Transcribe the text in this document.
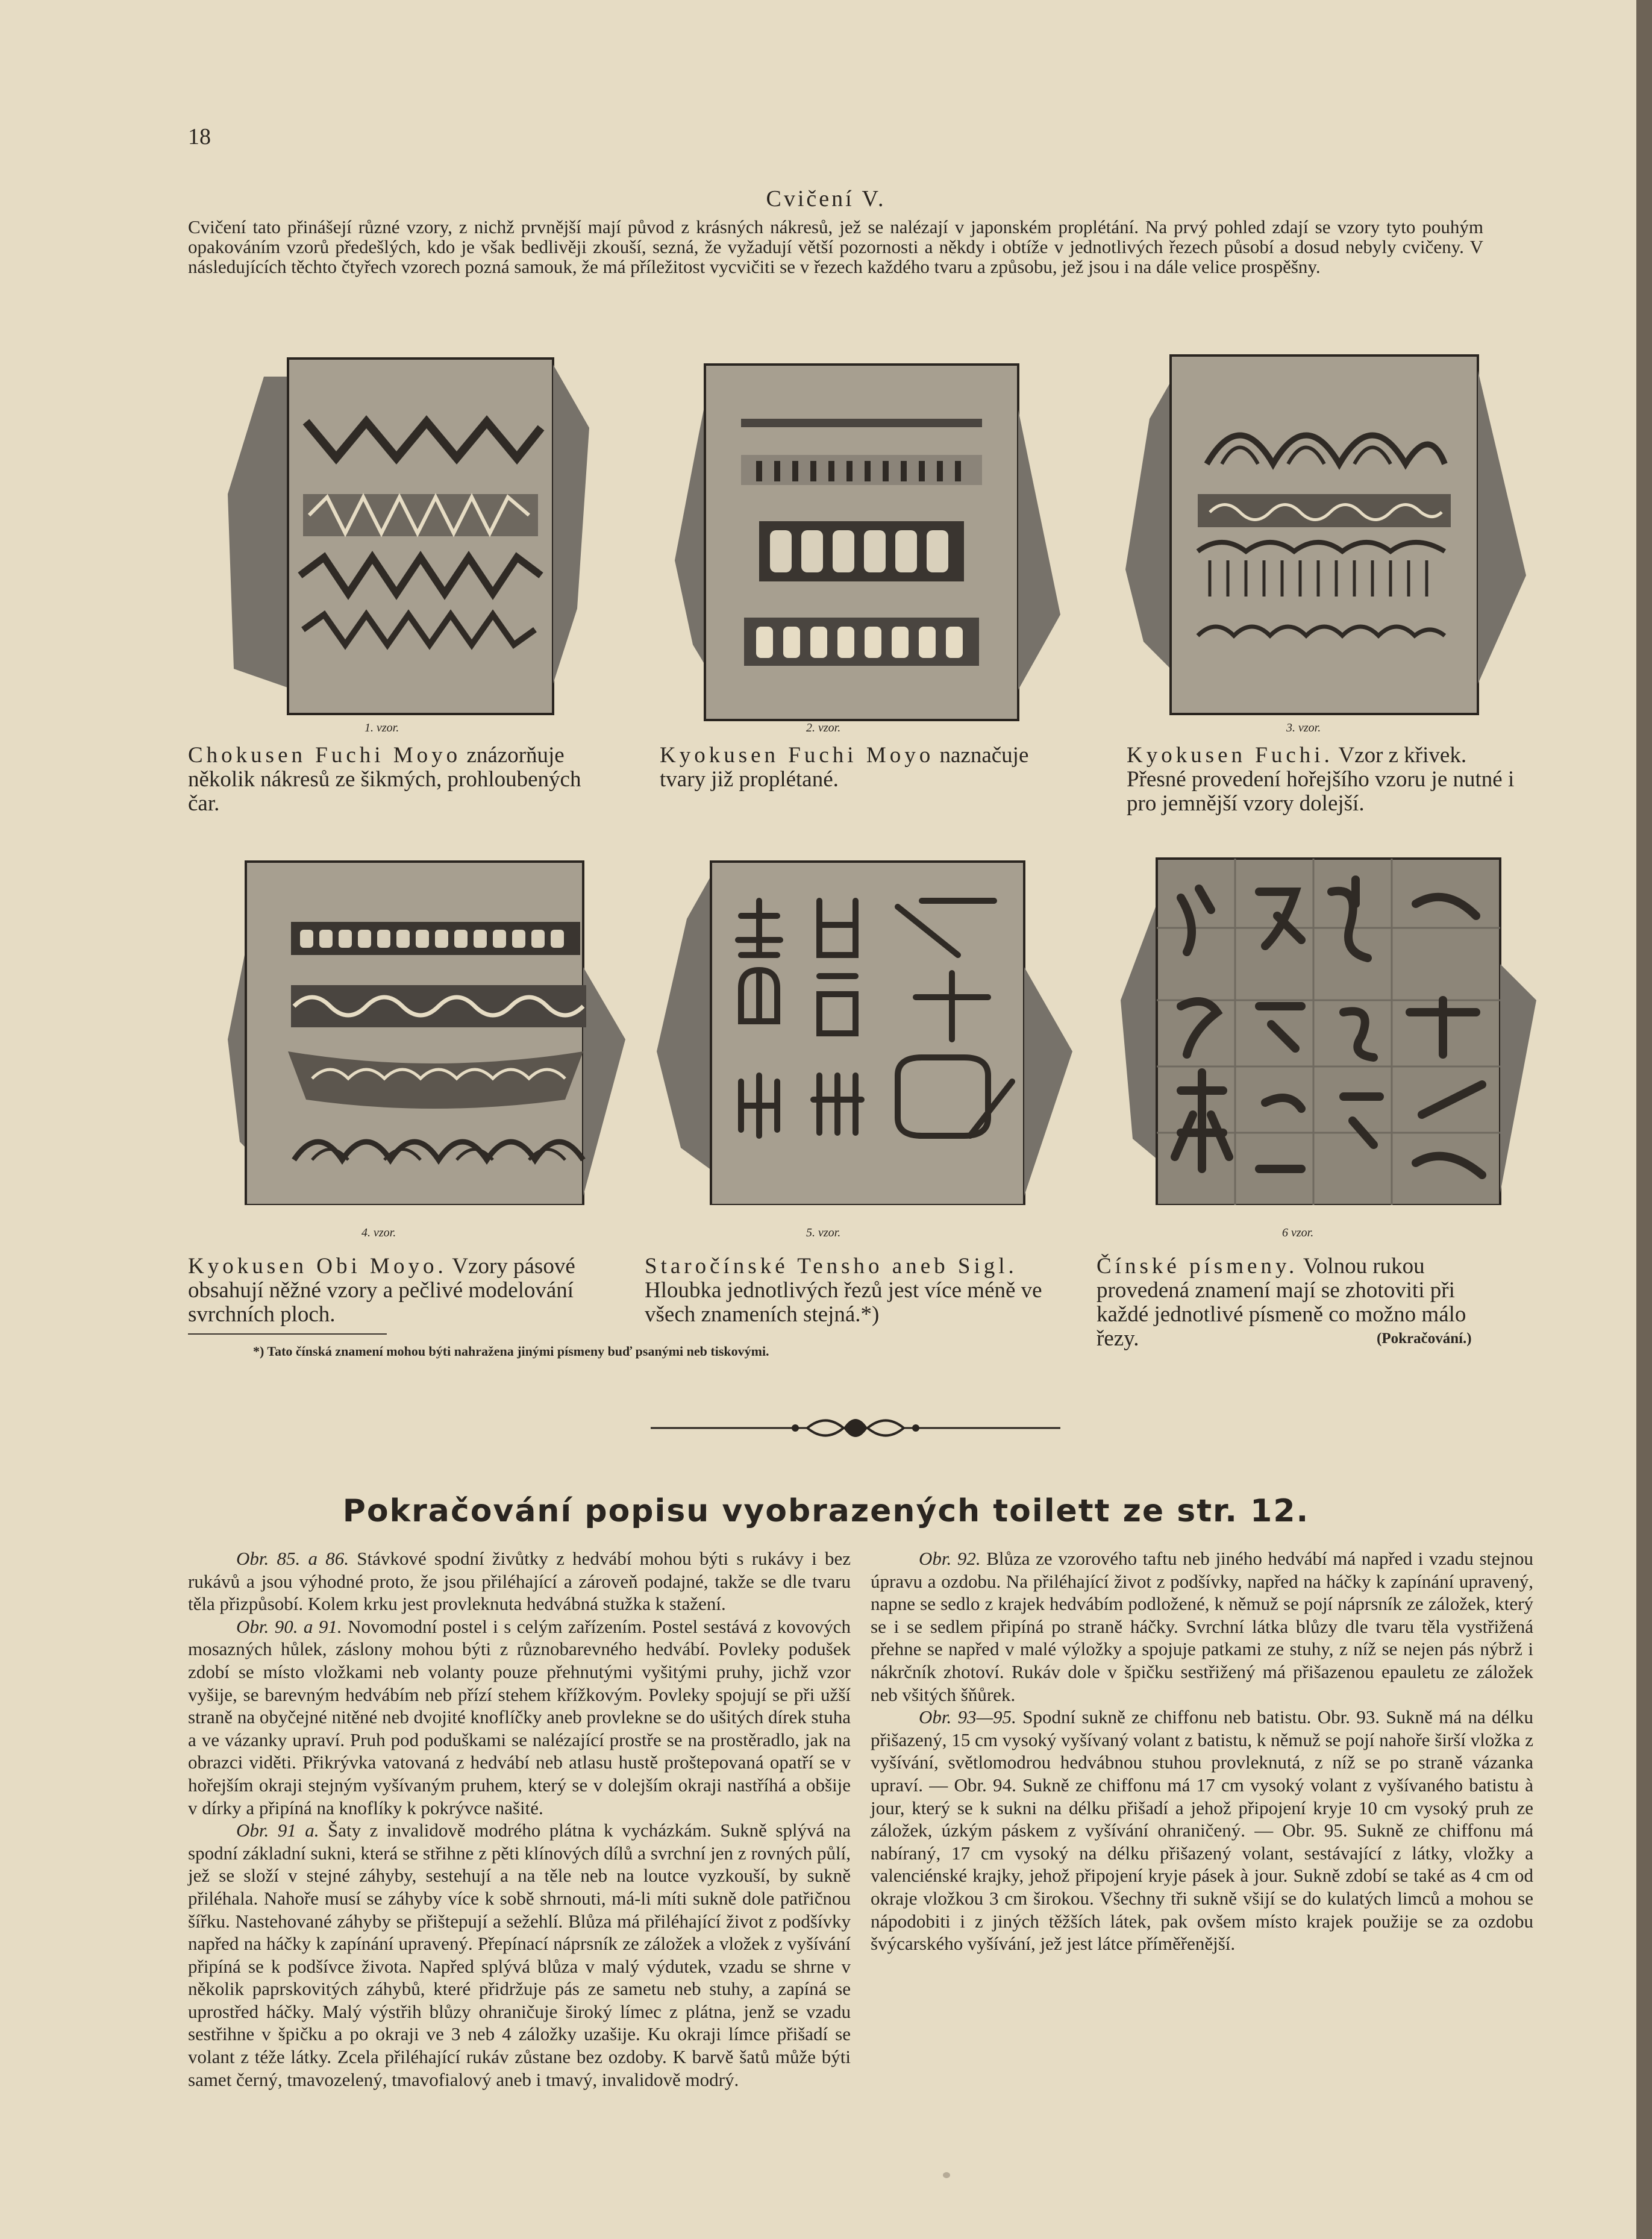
18
Cvičení V.
Cvičení tato přinášejí různé vzory, z nichž prvnější mají původ z krásných nákresů, jež se nalézají v japonském proplétání. Na prvý pohled zdají se vzory tyto pouhým opakováním vzorů předešlých, kdo je však bedlivěji zkouší, sezná, že vyžadují větší pozornosti a někdy i obtíže v jednotlivých řezech působí a dosud nebyly cvičeny. V následujících těchto čtyřech vzorech pozná samouk, že má příležitost vycvičiti se v řezech každého tvaru a způsobu, jež jsou i na dále velice prospěšny.
1. vzor.
Chokusen Fuchi Moyo znázorňuje několik nákresů ze šikmých, prohloubených čar.
2. vzor.
Kyokusen Fuchi Moyo naznačuje tvary již proplétané.
3. vzor.
Kyokusen Fuchi. Vzor z křivek. Přesné provedení hořejšího vzoru je nutné i pro jemnější vzory dolejší.
4. vzor.
Kyokusen Obi Moyo. Vzory pásové obsahují něžné vzory a pečlivé modelování svrchních ploch.
5. vzor.
Staročínské Tensho aneb Sigl. Hloubka jednotlivých řezů jest více méně ve všech znameních stejná.*)
6 vzor.
Čínské písmeny. Volnou rukou provedená znamení mají se zhotoviti při každé jednotlivé písmeně co možno málo řezy.	(Pokračování.)
*) Tato čínská znamení mohou býti nahražena jinými písmeny buď psanými neb tiskovými.
Pokračování popisu vyobrazených toilett ze str. 12.

Obr. 85. a 86. Stávkové spodní živůtky z hedvábí mohou býti s rukávy i bez rukávů a jsou výhodné proto, že jsou přiléhající a zároveň podajné, takže se dle tvaru těla přizpůsobí. Kolem krku jest provleknuta hedvábná stužka k stažení.

Obr. 90. a 91. Novomodní postel i s celým zařízením. Postel sestává z kovových mosazných hůlek, záslony mohou býti z různobarevného hedvábí. Povleky podušek zdobí se místo vložkami neb volanty pouze přehnutými vyšitými pruhy, jichž vzor vyšije, se barevným hedvábím neb přízí stehem křížkovým. Povleky spojují se při užší straně na obyčejné nitěné neb dvojité knoflíčky aneb provlekne se do ušitých dírek stuha a ve vázanky upraví. Pruh pod poduškami se nalézající prostře se na prostěradlo, jak na obrazci viděti. Přikrývka vatovaná z hedvábí neb atlasu hustě proštepovaná opatří se v hořejším okraji stejným vyšívaným pruhem, který se v dolejším okraji nastříhá a obšije v dírky a připíná na knoflíky k pokrývce našité.

Obr. 91 a. Šaty z invalidově modrého plátna k vycházkám. Sukně splývá na spodní základní sukni, která se střihne z pěti klínových dílů a svrchní jen z rovných půlí, jež se složí v stejné záhyby, sestehují a na těle neb na loutce vyzkouší, by sukně přiléhala. Nahoře musí se záhyby více k sobě shrnouti, má-li míti sukně dole patřičnou šířku. Nastehované záhyby se přištepují a sežehlí. Blůza má přiléhající život z podšívky napřed na háčky k zapínání upravený. Přepínací náprsník ze záložek a vložek z vyšívání připíná se k podšívce života. Napřed splývá blůza v malý výdutek, vzadu se shrne v několik paprskovitých záhybů, které přidržuje pás ze sametu neb stuhy, a zapíná se uprostřed háčky. Malý výstřih blůzy ohraničuje široký límec z plátna, jenž se vzadu sestřihne v špičku a po okraji ve 3 neb 4 záložky uzašije. Ku okraji límce přišadí se volant z téže látky. Zcela přiléhající rukáv zůstane bez ozdoby. K barvě šatů může býti samet černý, tmavozelený, tmavofialový aneb i tmavý, invalidově modrý.

Obr. 92. Blůza ze vzorového taftu neb jiného hedvábí má napřed i vzadu stejnou úpravu a ozdobu. Na přiléhající život z podšívky, napřed na háčky k zapínání upravený, napne se sedlo z krajek hedvábím podložené, k němuž se pojí náprsník ze záložek, který se i se sedlem připíná po straně háčky. Svrchní látka blůzy dle tvaru těla vystřižená přehne se napřed v malé výložky a spojuje patkami ze stuhy, z níž se nejen pás nýbrž i nákrčník zhotoví. Rukáv dole v špičku sestřižený má přišazenou epauletu ze záložek neb všitých šňůrek.

Obr. 93—95. Spodní sukně ze chiffonu neb batistu. Obr. 93. Sukně má na délku přišazený, 15 cm vysoký vyšívaný volant z batistu, k němuž se pojí nahoře širší vložka z vyšívání, světlomodrou hedvábnou stuhou provleknutá, z níž se po straně vázanka upraví. — Obr. 94. Sukně ze chiffonu má 17 cm vysoký volant z vyšívaného batistu à jour, který se k sukni na délku přišadí a jehož připojení kryje 10 cm vysoký pruh ze záložek, úzkým páskem z vyšívání ohraničený. — Obr. 95. Sukně ze chiffonu má nabíraný, 17 cm vysoký na délku přišazený volant, sestávající z látky, vložky a valenciénské krajky, jehož připojení kryje pásek à jour. Sukně zdobí se také as 4 cm od okraje vložkou 3 cm širokou. Všechny tři sukně všijí se do kulatých limců a mohou se nápodobiti i z jiných těžších látek, pak ovšem místo krajek použije se za ozdobu švýcarského vyšívání, jež jest látce příměřenější.
